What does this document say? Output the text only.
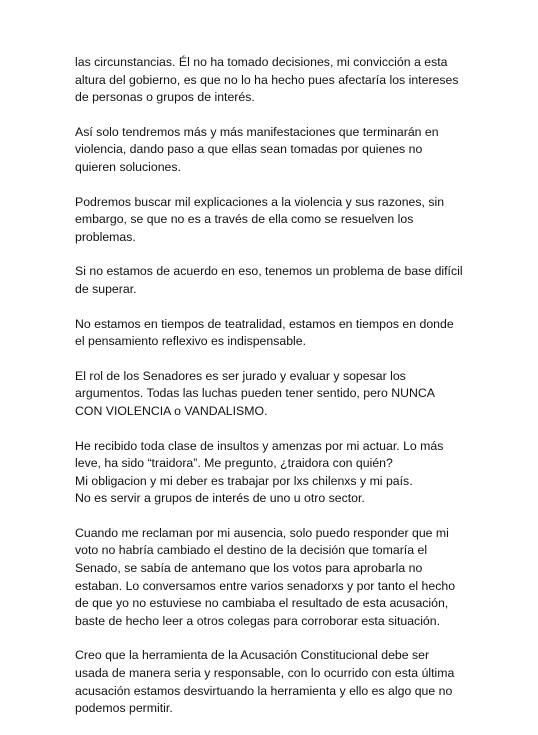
las circunstancias. Él no ha tomado decisiones, mi convicción a esta
altura del gobierno, es que no lo ha hecho pues afectaría los intereses
de personas o grupos de interés.

Así solo tendremos más y más manifestaciones que terminarán en
violencia, dando paso a que ellas sean tomadas por quienes no
quieren soluciones.

Podremos buscar mil explicaciones a la violencia y sus razones, sin
embargo, se que no es a través de ella como se resuelven los
problemas.

Si no estamos de acuerdo en eso, tenemos un problema de base difícil
de superar.

No estamos en tiempos de teatralidad, estamos en tiempos en donde
el pensamiento reflexivo es indispensable.

El rol de los Senadores es ser jurado y evaluar y sopesar los
argumentos. Todas las luchas pueden tener sentido, pero NUNCA
CON VIOLENCIA o VANDALISMO.

He recibido toda clase de insultos y amenzas por mi actuar. Lo más
leve, ha sido “traidora”. Me pregunto, ¿traidora con quién?
Mi obligacion y mi deber es trabajar por lxs chilenxs y mi país.
No es servir a grupos de interés de uno u otro sector.

Cuando me reclaman por mi ausencia, solo puedo responder que mi
voto no habría cambiado el destino de la decisión que tomaría el
Senado, se sabía de antemano que los votos para aprobarla no
estaban. Lo conversamos entre varios senadorxs y por tanto el hecho
de que yo no estuviese no cambiaba el resultado de esta acusación,
baste de hecho leer a otros colegas para corroborar esta situación.

Creo que la herramienta de la Acusación Constitucional debe ser
usada de manera seria y responsable, con lo ocurrido con esta última
acusación estamos desvirtuando la herramienta y ello es algo que no
podemos permitir.
